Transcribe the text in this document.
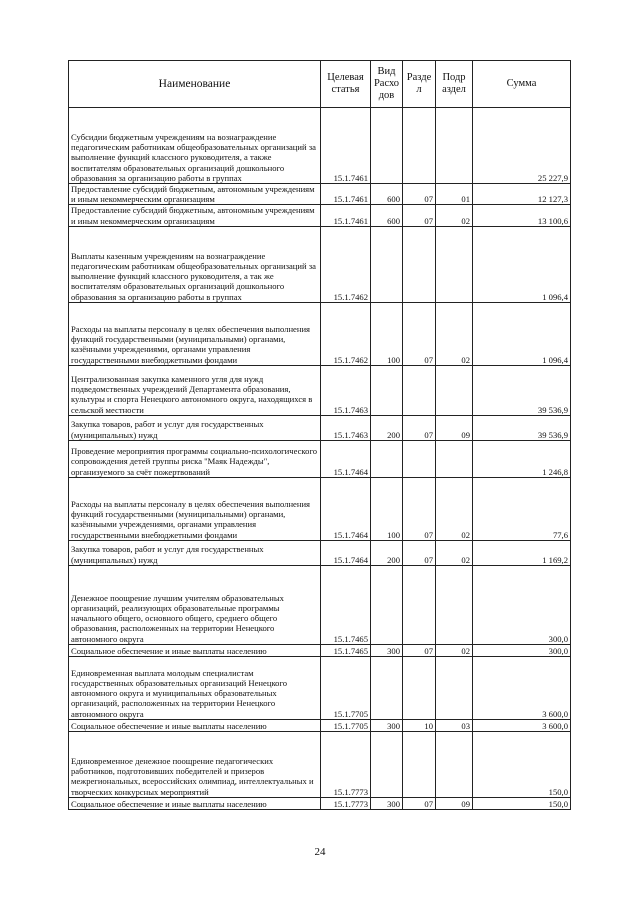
Наименование	Целевая статья	Вид Расхо дов	Разде л	Подр аздел	Сумма
Субсидии бюджетным учреждениям на вознаграждение педагогическим работникам общеобразовательных организаций за выполнение функций классного руководителя, а также воспитателям образовательных организаций дошкольного образования за организацию работы в группах	15.1.7461				25 227,9
Предоставление субсидий бюджетным, автономным учреждениям и иным некоммерческим организациям	15.1.7461	600	07	01	12 127,3
Предоставление субсидий бюджетным, автономным учреждениям и иным некоммерческим организациям	15.1.7461	600	07	02	13 100,6
Выплаты казенным учреждениям на вознаграждение педагогическим работникам общеобразовательных организаций за выполнение функций классного руководителя, а так же воспитателям образовательных организаций дошкольного образования за организацию работы в группах	15.1.7462				1 096,4
Расходы на выплаты персоналу в целях обеспечения выполнения функций государственными (муниципальными) органами, казёнными учреждениями, органами управления государственными внебюджетными фондами	15.1.7462	100	07	02	1 096,4
Централизованная закупка каменного угля для нужд подведомственных учреждений Департамента образования, культуры и спорта Ненецкого автономного округа, находящихся в сельской местности	15.1.7463				39 536,9
Закупка товаров, работ и услуг для государственных (муниципальных) нужд	15.1.7463	200	07	09	39 536,9
Проведение мероприятия программы социально-психологического сопровождения детей группы риска "Маяк Надежды", организуемого за счёт пожертвований	15.1.7464				1 246,8
Расходы на выплаты персоналу в целях обеспечения выполнения функций государственными (муниципальными) органами, казённыыми учреждениями, органами управления государственными внебюджетными фондами	15.1.7464	100	07	02	77,6
Закупка товаров, работ и услуг для государственных (муниципальных) нужд	15.1.7464	200	07	02	1 169,2
Денежное поощрение лучшим учителям образовательных организаций, реализующих образовательные программы начального общего, основного общего, среднего общего образования, расположенных на территории Ненецкого автономного округа	15.1.7465				300,0
Социальное обеспечение и иные выплаты населению	15.1.7465	300	07	02	300,0
Единовременная выплата молодым специалистам государственных образовательных организаций Ненецкого автономного округа и муниципальных образовательных организаций, расположенных на территории Ненецкого автономного округа	15.1.7705				3 600,0
Социальное обеспечение и иные выплаты населению	15.1.7705	300	10	03	3 600,0
Единовременное денежное поощрение педагогических работников, подготовивших победителей и призеров межрегиональных, всероссийских олимпиад, интеллектуальных и творческих конкурсных мероприятий	15.1.7773				150,0
Социальное обеспечение и иные выплаты населению	15.1.7773	300	07	09	150,0
24
